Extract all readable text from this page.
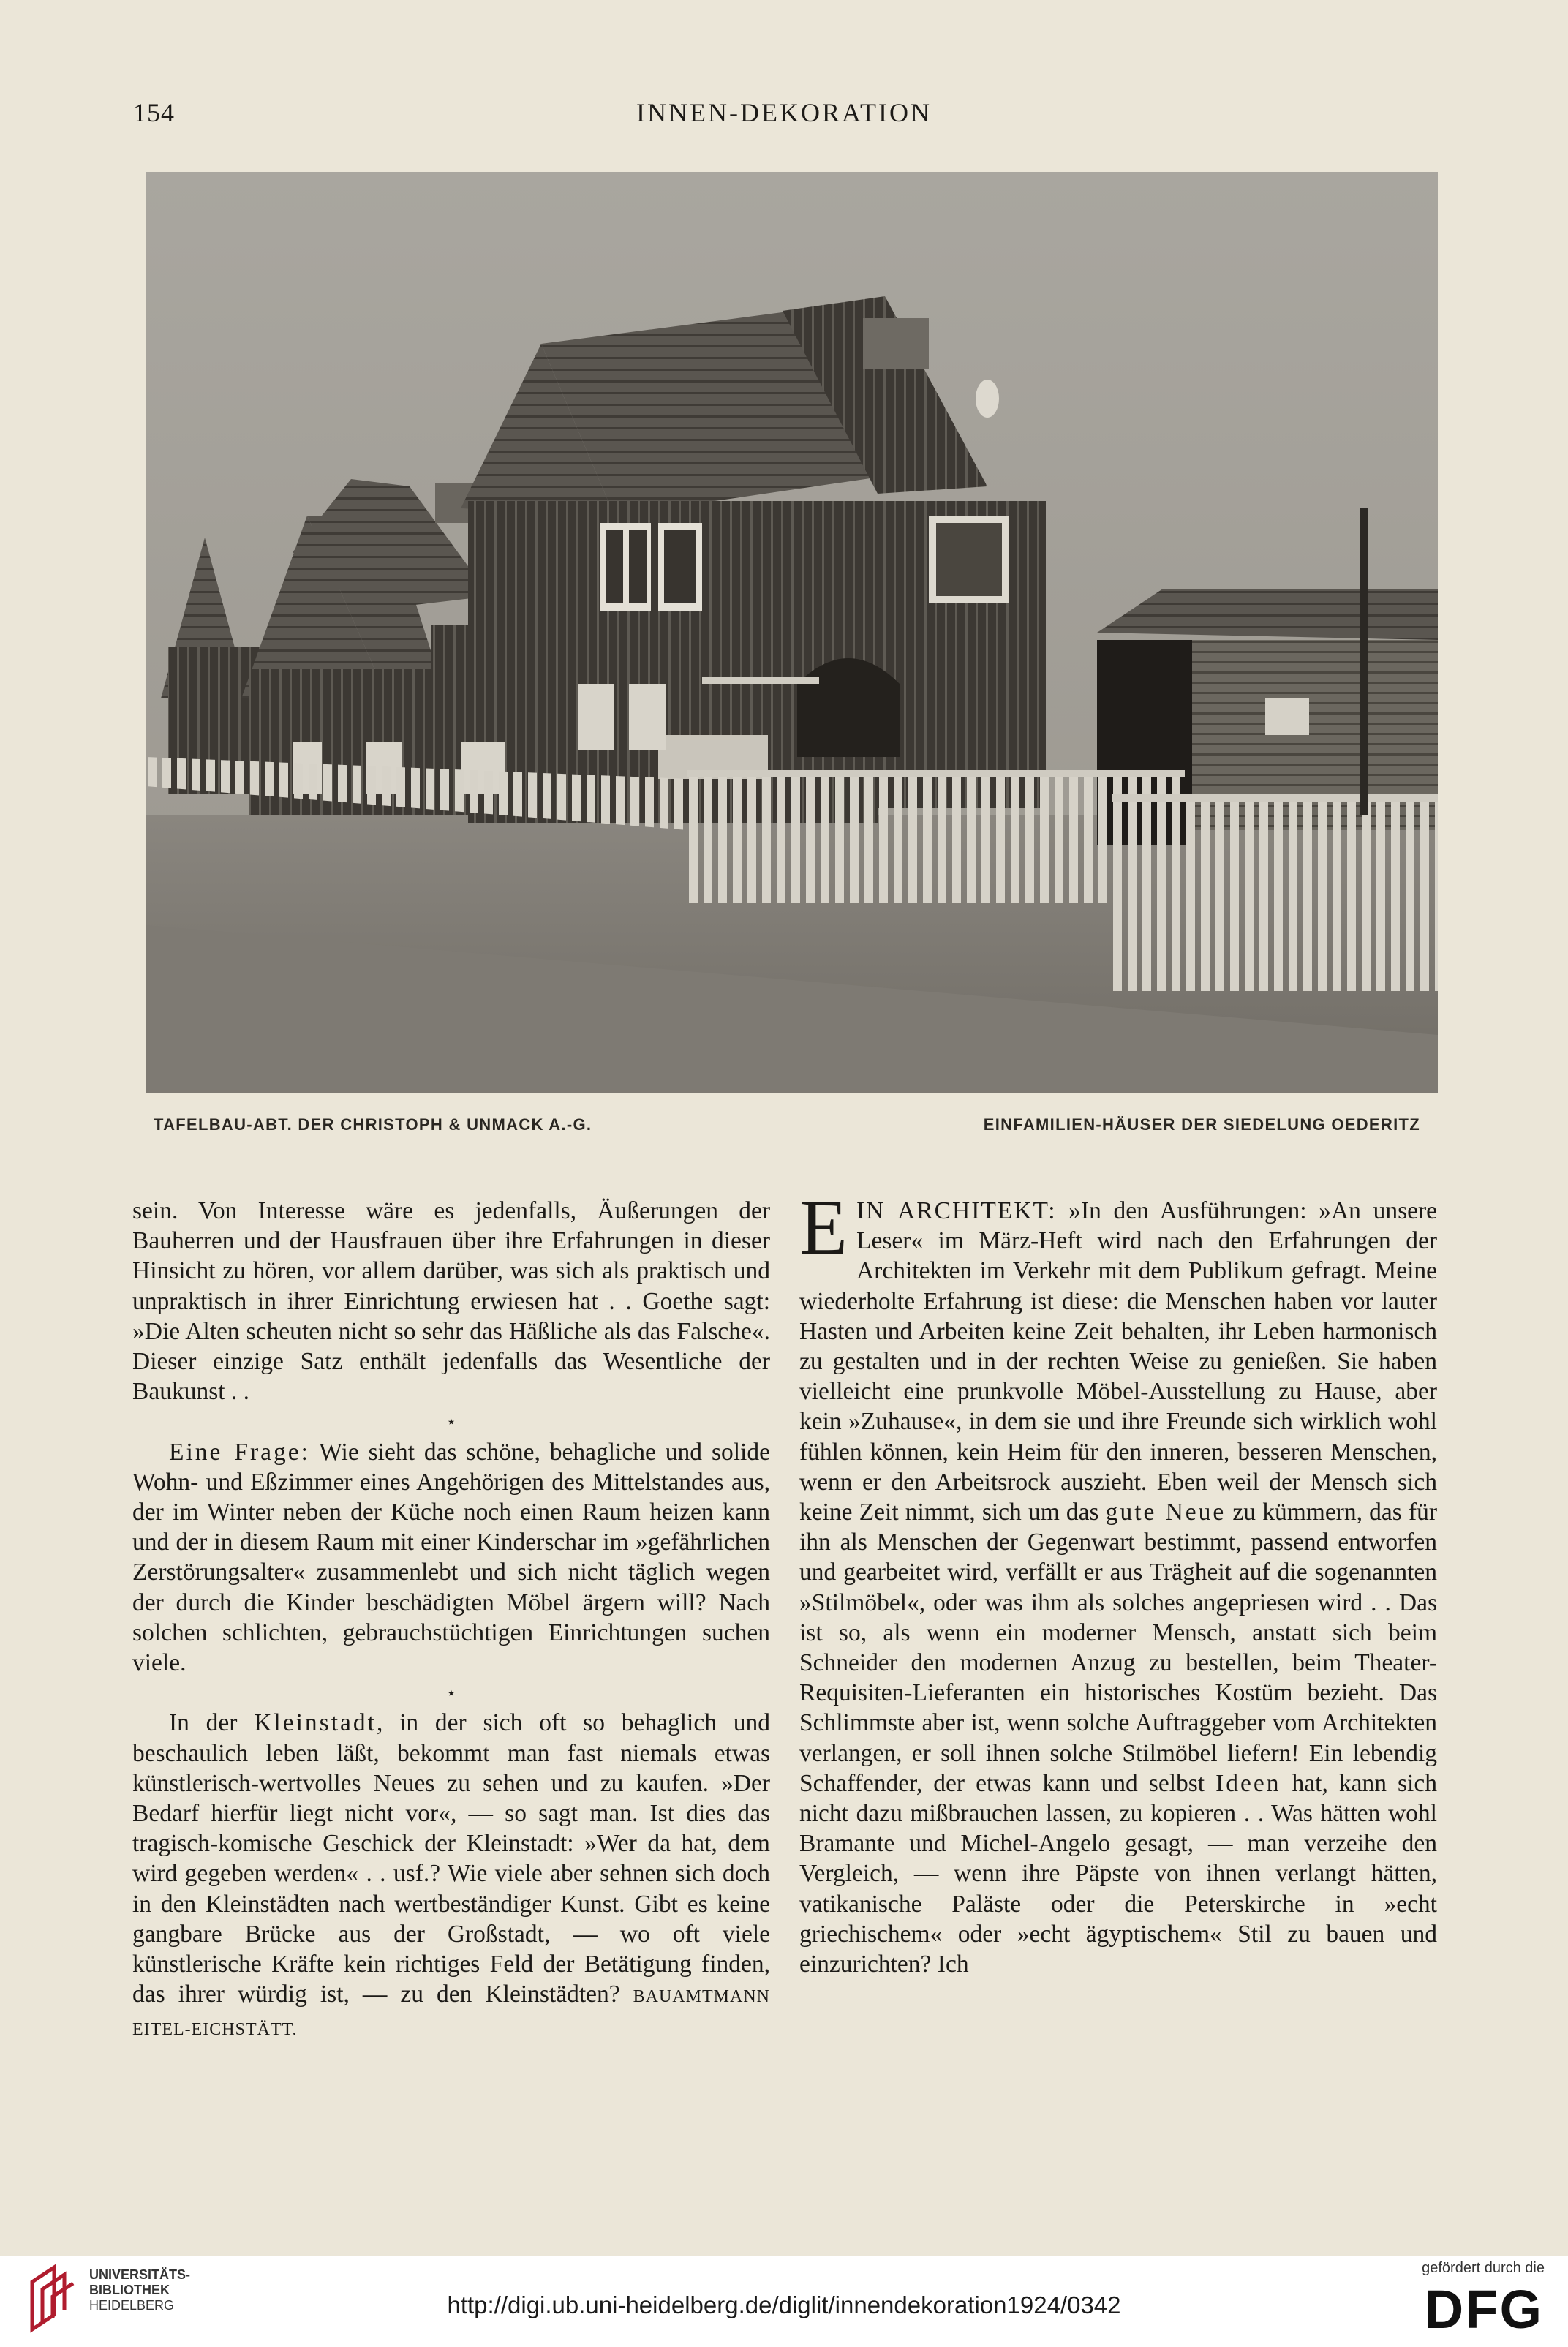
154	INNEN-DEKORATION
TAFELBAU-ABT. DER CHRISTOPH & UNMACK A.-G.	EINFAMILIEN-HÄUSER DER SIEDELUNG OEDERITZ

sein. Von Interesse wäre es jedenfalls, Äußerungen der Bauherren und der Hausfrauen über ihre Erfahrungen in dieser Hinsicht zu hören, vor allem darüber, was sich als praktisch und unpraktisch in ihrer Einrichtung erwiesen hat . . Goethe sagt: »Die Alten scheuten nicht so sehr das Häßliche als das Falsche«. Dieser einzige Satz enthält jedenfalls das Wesentliche der Baukunst . .

⋆

Eine Frage: Wie sieht das schöne, behagliche und solide Wohn- und Eßzimmer eines Angehörigen des Mittelstandes aus, der im Winter neben der Küche noch einen Raum heizen kann und der in diesem Raum mit einer Kinderschar im »gefährlichen Zerstörungsalter« zusammenlebt und sich nicht täglich wegen der durch die Kinder beschädigten Möbel ärgern will? Nach solchen schlichten, gebrauchstüchtigen Einrichtungen suchen viele.

⋆

In der Kleinstadt, in der sich oft so behaglich und beschaulich leben läßt, bekommt man fast niemals etwas künstlerisch-wertvolles Neues zu sehen und zu kaufen. »Der Bedarf hierfür liegt nicht vor«, — so sagt man. Ist dies das tragisch-komische Geschick der Kleinstadt: »Wer da hat, dem wird gegeben werden« . . usf.? Wie viele aber sehnen sich doch in den Kleinstädten nach wertbeständiger Kunst. Gibt es keine gangbare Brücke aus der Großstadt, — wo oft viele künstlerische Kräfte kein richtiges Feld der Betätigung finden, das ihrer würdig ist, — zu den Kleinstädten? BAUAMTMANN EITEL-EICHSTÄTT.

EIN ARCHITEKT: »In den Ausführungen: »An unsere Leser« im März-Heft wird nach den Erfahrungen der Architekten im Verkehr mit dem Publikum gefragt. Meine wiederholte Erfahrung ist diese: die Menschen haben vor lauter Hasten und Arbeiten keine Zeit behalten, ihr Leben harmonisch zu gestalten und in der rechten Weise zu genießen. Sie haben vielleicht eine prunkvolle Möbel-Ausstellung zu Hause, aber kein »Zuhause«, in dem sie und ihre Freunde sich wirklich wohl fühlen können, kein Heim für den inneren, besseren Menschen, wenn er den Arbeitsrock auszieht. Eben weil der Mensch sich keine Zeit nimmt, sich um das gute Neue zu kümmern, das für ihn als Menschen der Gegenwart bestimmt, passend entworfen und gearbeitet wird, verfällt er aus Trägheit auf die sogenannten »Stilmöbel«, oder was ihm als solches angepriesen wird . . Das ist so, als wenn ein moderner Mensch, anstatt sich beim Schneider den modernen Anzug zu bestellen, beim Theater-Requisiten-Lieferanten ein historisches Kostüm bezieht. Das Schlimmste aber ist, wenn solche Auftraggeber vom Architekten verlangen, er soll ihnen solche Stilmöbel liefern! Ein lebendig Schaffender, der etwas kann und selbst Ideen hat, kann sich nicht dazu mißbrauchen lassen, zu kopieren . . Was hätten wohl Bramante und Michel-Angelo gesagt, — man verzeihe den Vergleich, — wenn ihre Päpste von ihnen verlangt hätten, vatikanische Paläste oder die Peterskirche in »echt griechischem« oder »echt ägyptischem« Stil zu bauen und einzurichten? Ich

UNIVERSITÄTS-
BIBLIOTHEK
HEIDELBERG	http://digi.ub.uni-heidelberg.de/diglit/innendekoration1924/0342
gefördert durch die
DFG
